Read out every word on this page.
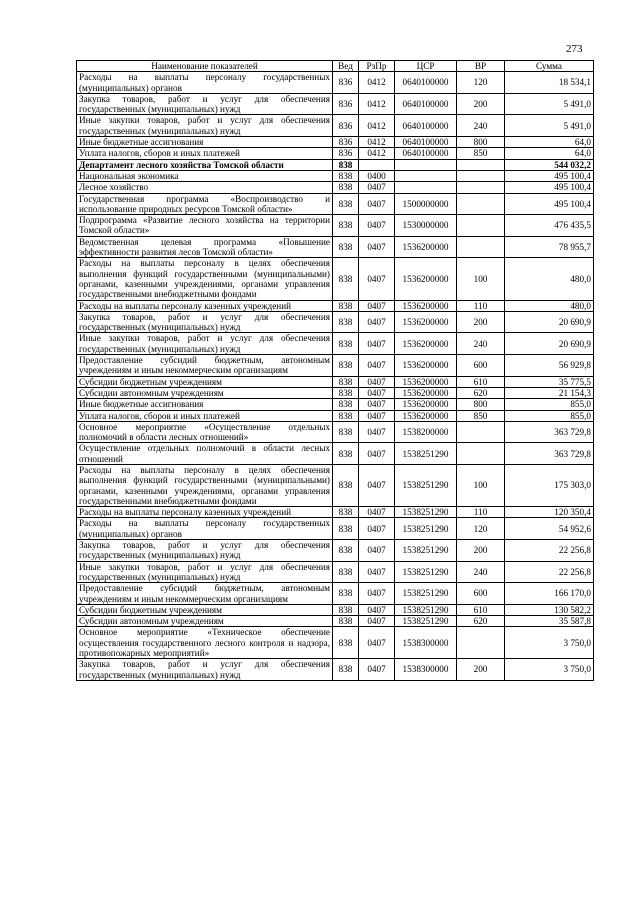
273
Наименование показателей	Вед	РзПр	ЦСР	ВР	Сумма
Расходы на выплаты персоналу государственных (муниципальных) органов	836	0412	0640100000	120	18 534,1
Закупка товаров, работ и услуг для обеспечения государственных (муниципальных) нужд	836	0412	0640100000	200	5 491,0
Иные закупки товаров, работ и услуг для обеспечения государственных (муниципальных) нужд	836	0412	0640100000	240	5 491,0
Иные бюджетные ассигнования	836	0412	0640100000	800	64,0
Уплата налогов, сборов и иных платежей	836	0412	0640100000	850	64,0
Департамент лесного хозяйства Томской области	838				544 032,2
Национальная экономика	838	0400			495 100,4
Лесное хозяйство	838	0407			495 100,4
Государственная программа «Воспроизводство и использование природных ресурсов Томской области»	838	0407	1500000000		495 100,4
Подпрограмма «Развитие лесного хозяйства на территории Томской области»	838	0407	1530000000		476 435,5
Ведомственная целевая программа «Повышение эффективности развития лесов Томской области»	838	0407	1536200000		78 955,7
Расходы на выплаты персоналу в целях обеспечения выполнения функций государственными (муниципальными) органами, казенными учреждениями, органами управления государственными внебюджетными фондами	838	0407	1536200000	100	480,0
Расходы на выплаты персоналу казенных учреждений	838	0407	1536200000	110	480,0
Закупка товаров, работ и услуг для обеспечения государственных (муниципальных) нужд	838	0407	1536200000	200	20 690,9
Иные закупки товаров, работ и услуг для обеспечения государственных (муниципальных) нужд	838	0407	1536200000	240	20 690,9
Предоставление субсидий бюджетным, автономным учреждениям и иным некоммерческим организациям	838	0407	1536200000	600	56 929,8
Субсидии бюджетным учреждениям	838	0407	1536200000	610	35 775,5
Субсидии автономным учреждениям	838	0407	1536200000	620	21 154,3
Иные бюджетные ассигнования	838	0407	1536200000	800	855,0
Уплата налогов, сборов и иных платежей	838	0407	1536200000	850	855,0
Основное мероприятие «Осуществление отдельных полномочий в области лесных отношений»	838	0407	1538200000		363 729,8
Осуществление отдельных полномочий в области лесных отношений	838	0407	1538251290		363 729,8
Расходы на выплаты персоналу в целях обеспечения выполнения функций государственными (муниципальными) органами, казенными учреждениями, органами управления государственными внебюджетными фондами	838	0407	1538251290	100	175 303,0
Расходы на выплаты персоналу казенных учреждений	838	0407	1538251290	110	120 350,4
Расходы на выплаты персоналу государственных (муниципальных) органов	838	0407	1538251290	120	54 952,6
Закупка товаров, работ и услуг для обеспечения государственных (муниципальных) нужд	838	0407	1538251290	200	22 256,8
Иные закупки товаров, работ и услуг для обеспечения государственных (муниципальных) нужд	838	0407	1538251290	240	22 256,8
Предоставление субсидий бюджетным, автономным учреждениям и иным некоммерческим организациям	838	0407	1538251290	600	166 170,0
Субсидии бюджетным учреждениям	838	0407	1538251290	610	130 582,2
Субсидии автономным учреждениям	838	0407	1538251290	620	35 587,8
Основное мероприятие «Техническое обеспечение осуществления государственного лесного контроля и надзора, противопожарных мероприятий»	838	0407	1538300000		3 750,0
Закупка товаров, работ и услуг для обеспечения государственных (муниципальных) нужд	838	0407	1538300000	200	3 750,0
